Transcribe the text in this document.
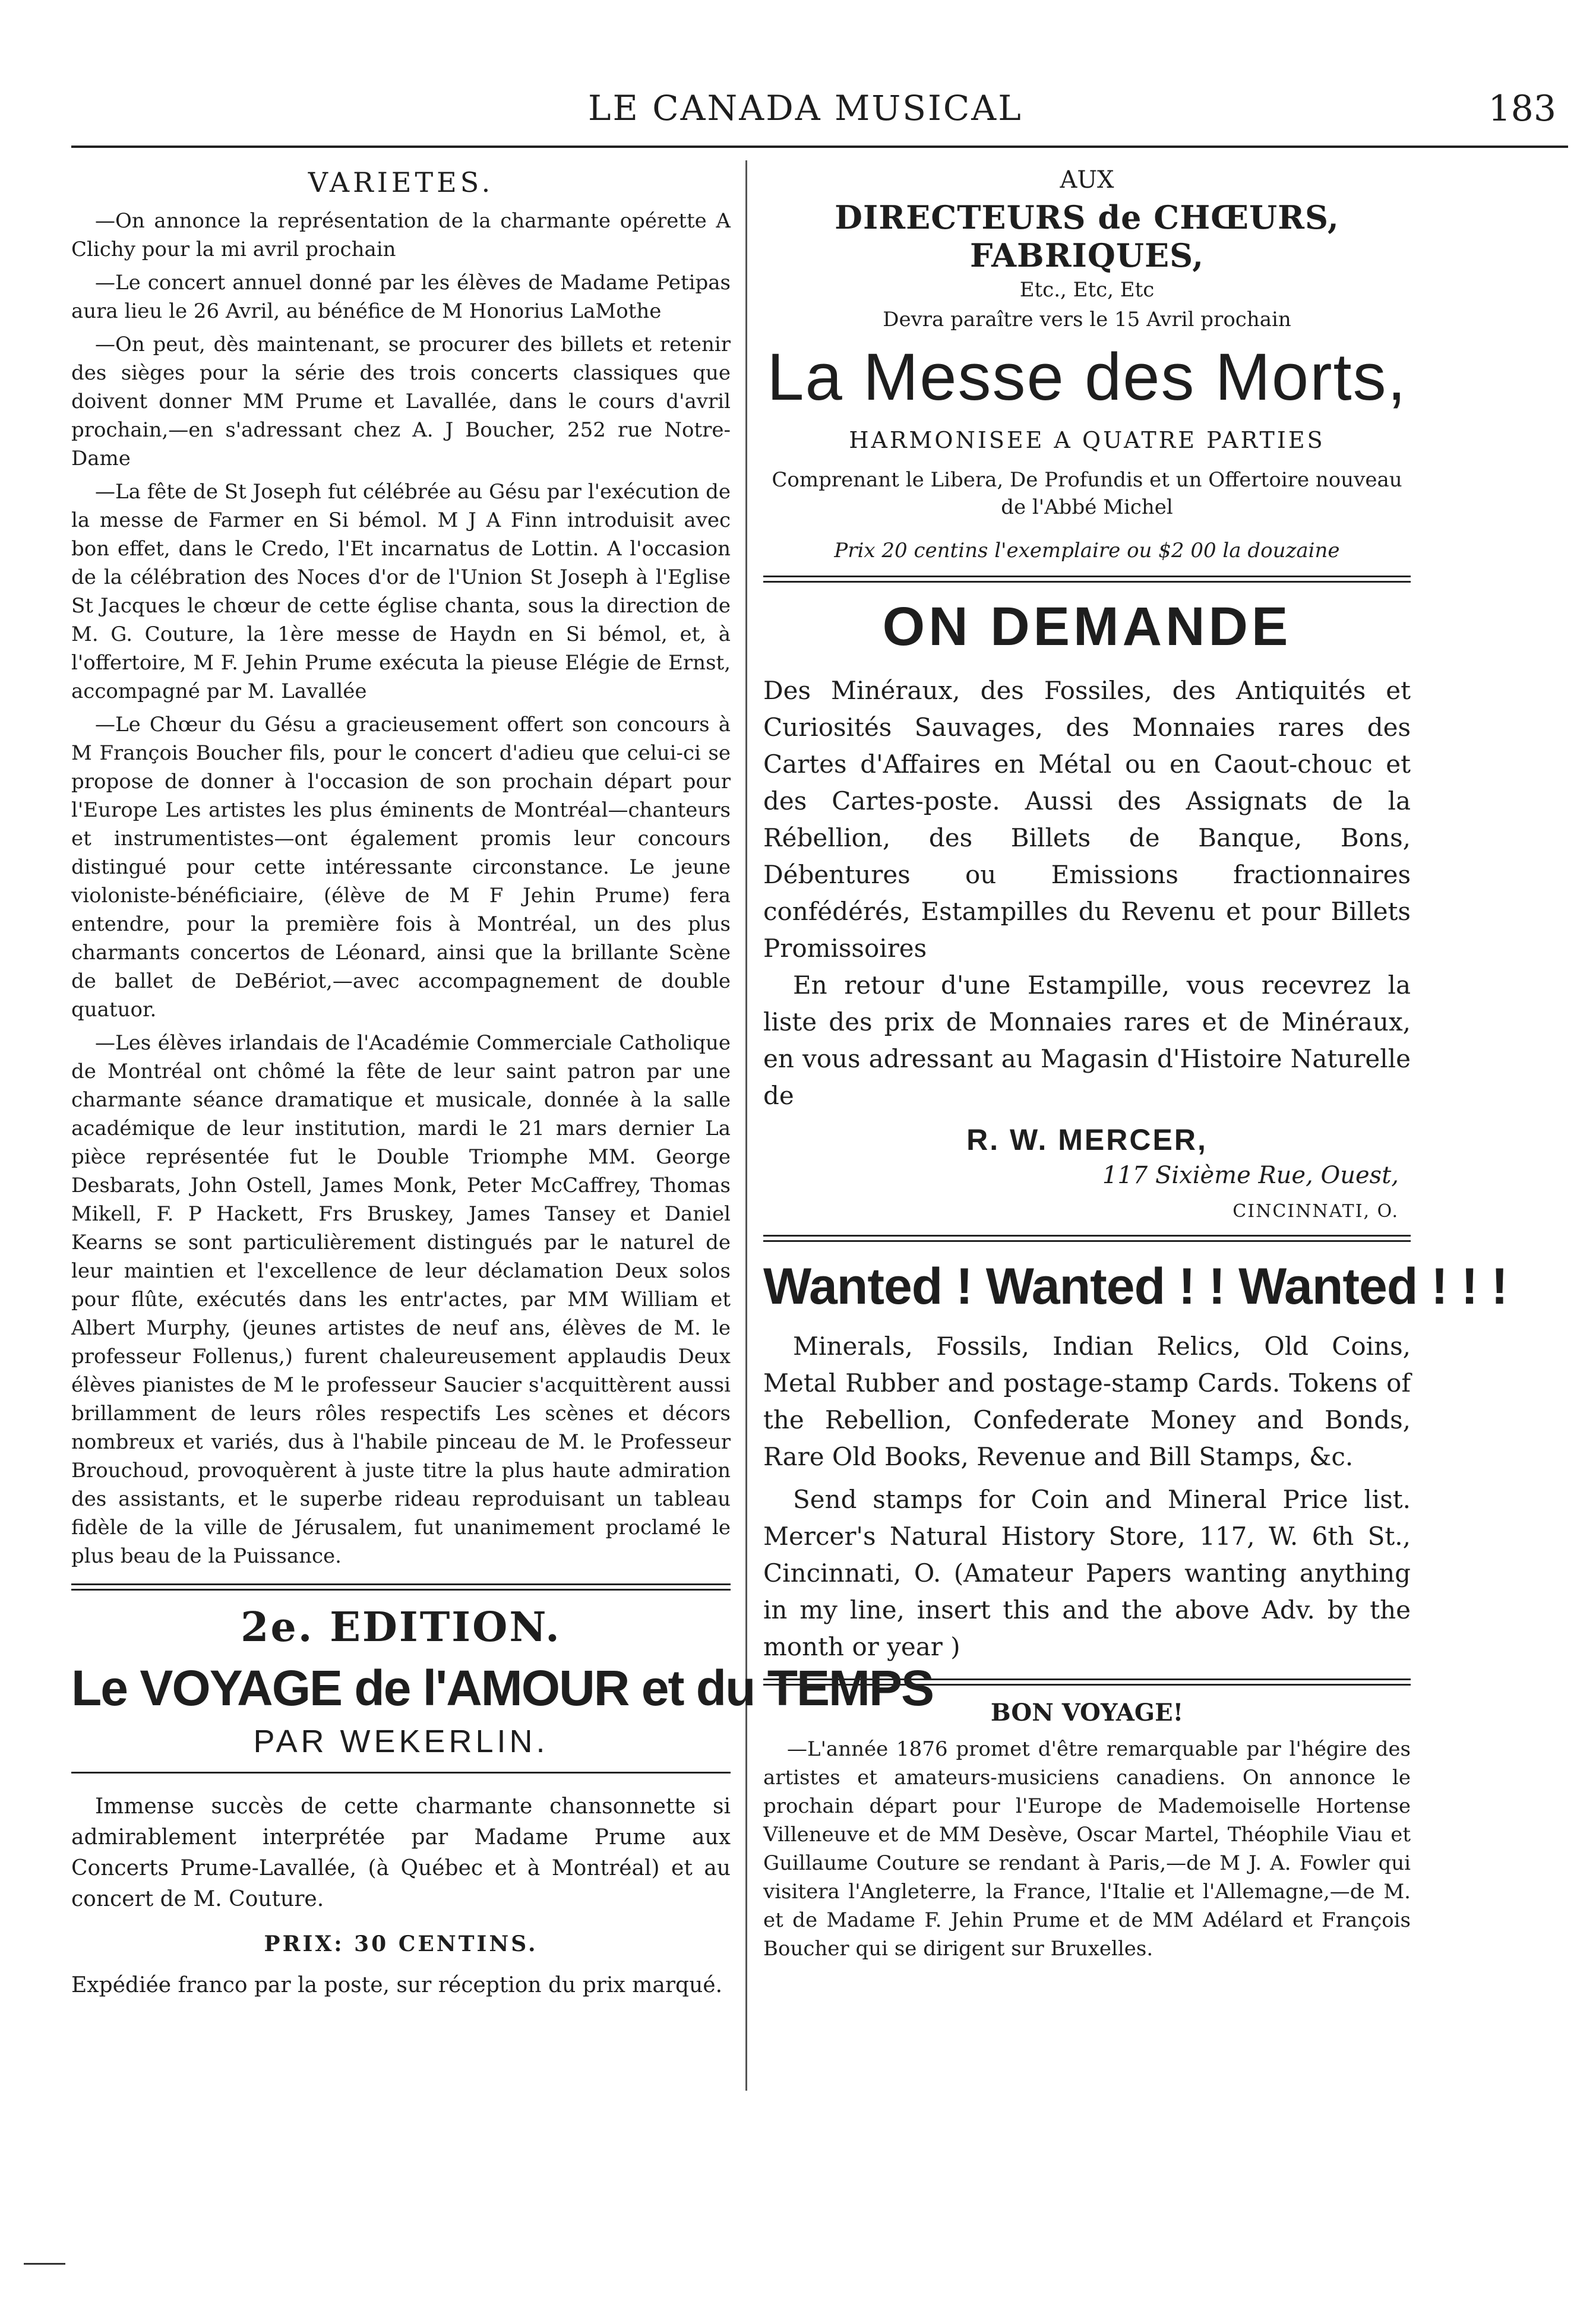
LE CANADA MUSICAL	183
VARIETES.

—On annonce la représentation de la charmante opérette A Clichy pour la mi avril prochain

—Le concert annuel donné par les élèves de Madame Petipas aura lieu le 26 Avril, au bénéfice de M Honorius LaMothe

—On peut, dès maintenant, se procurer des billets et retenir des sièges pour la série des trois concerts classiques que doivent donner MM Prume et Lavallée, dans le cours d'avril prochain,—en s'adressant chez A. J Boucher, 252 rue Notre-Dame

—La fête de St Joseph fut célébrée au Gésu par l'exécution de la messe de Farmer en Si bémol. M J A Finn introduisit avec bon effet, dans le Credo, l'Et incarnatus de Lottin. A l'occasion de la célébration des Noces d'or de l'Union St Joseph à l'Eglise St Jacques le chœur de cette église chanta, sous la direction de M. G. Couture, la 1ère messe de Haydn en Si bémol, et, à l'offertoire, M F. Jehin Prume exécuta la pieuse Elégie de Ernst, accompagné par M. Lavallée

—Le Chœur du Gésu a gracieusement offert son concours à M François Boucher fils, pour le concert d'adieu que celui-ci se propose de donner à l'occasion de son prochain départ pour l'Europe Les artistes les plus éminents de Montréal—chanteurs et instrumentistes—ont également promis leur concours distingué pour cette intéressante circonstance. Le jeune violoniste-bénéficiaire, (élève de M F Jehin Prume) fera entendre, pour la première fois à Montréal, un des plus charmants concertos de Léonard, ainsi que la brillante Scène de ballet de DeBériot,—avec accompagnement de double quatuor.

—Les élèves irlandais de l'Académie Commerciale Catholique de Montréal ont chômé la fête de leur saint patron par une charmante séance dramatique et musicale, donnée à la salle académique de leur institution, mardi le 21 mars dernier La pièce représentée fut le Double Triomphe MM. George Desbarats, John Ostell, James Monk, Peter McCaffrey, Thomas Mikell, F. P Hackett, Frs Bruskey, James Tansey et Daniel Kearns se sont particulièrement distingués par le naturel de leur maintien et l'excellence de leur déclamation Deux solos pour flûte, exécutés dans les entr'actes, par MM William et Albert Murphy, (jeunes artistes de neuf ans, élèves de M. le professeur Follenus,) furent chaleureusement applaudis Deux élèves pianistes de M le professeur Saucier s'acquittèrent aussi brillamment de leurs rôles respectifs Les scènes et décors nombreux et variés, dus à l'habile pinceau de M. le Professeur Brouchoud, provoquèrent à juste titre la plus haute admiration des assistants, et le superbe rideau reproduisant un tableau fidèle de la ville de Jérusalem, fut unanimement proclamé le plus beau de la Puissance.

2e. EDITION.
Le VOYAGE de l'AMOUR et du TEMPS
PAR WEKERLIN.
Immense succès de cette charmante chansonnette si admirablement interprétée par Madame Prume aux Concerts Prume-Lavallée, (à Québec et à Montréal) et au concert de M. Couture.
PRIX: 30 CENTINS.
Expédiée franco par la poste, sur réception du prix marqué.
AUX
DIRECTEURS de CHŒURS, FABRIQUES,
Etc., Etc, Etc
Devra paraître vers le 15 Avril prochain
La Messe des Morts,
HARMONISEE A QUATRE PARTIES
Comprenant le Libera, De Profundis et un Offertoire nouveau de l'Abbé Michel
Prix 20 centins l'exemplaire ou $2 00 la douzaine
ON DEMANDE

Des Minéraux, des Fossiles, des Antiquités et Curiosités Sauvages, des Monnaies rares des Cartes d'Affaires en Métal ou en Caout-chouc et des Cartes-poste. Aussi des Assignats de la Rébellion, des Billets de Banque, Bons, Débentures ou Emissions fractionnaires confédérés, Estampilles du Revenu et pour Billets Promissoires

En retour d'une Estampille, vous recevrez la liste des prix de Monnaies rares et de Minéraux, en vous adressant au Magasin d'Histoire Naturelle de

R. W. MERCER,
117 Sixième Rue, Ouest,
CINCINNATI, O.
Wanted ! Wanted ! ! Wanted ! ! !

Minerals, Fossils, Indian Relics, Old Coins, Metal Rubber and postage-stamp Cards. Tokens of the Rebellion, Confederate Money and Bonds, Rare Old Books, Revenue and Bill Stamps, &c.

Send stamps for Coin and Mineral Price list. Mercer's Natural History Store, 117, W. 6th St., Cincinnati, O. (Amateur Papers wanting anything in my line, insert this and the above Adv. by the month or year )

BON VOYAGE!

—L'année 1876 promet d'être remarquable par l'hégire des artistes et amateurs-musiciens canadiens. On annonce le prochain départ pour l'Europe de Mademoiselle Hortense Villeneuve et de MM Desève, Oscar Martel, Théophile Viau et Guillaume Couture se rendant à Paris,—de M J. A. Fowler qui visitera l'Angleterre, la France, l'Italie et l'Allemagne,—de M. et de Madame F. Jehin Prume et de MM Adélard et François Boucher qui se dirigent sur Bruxelles.
